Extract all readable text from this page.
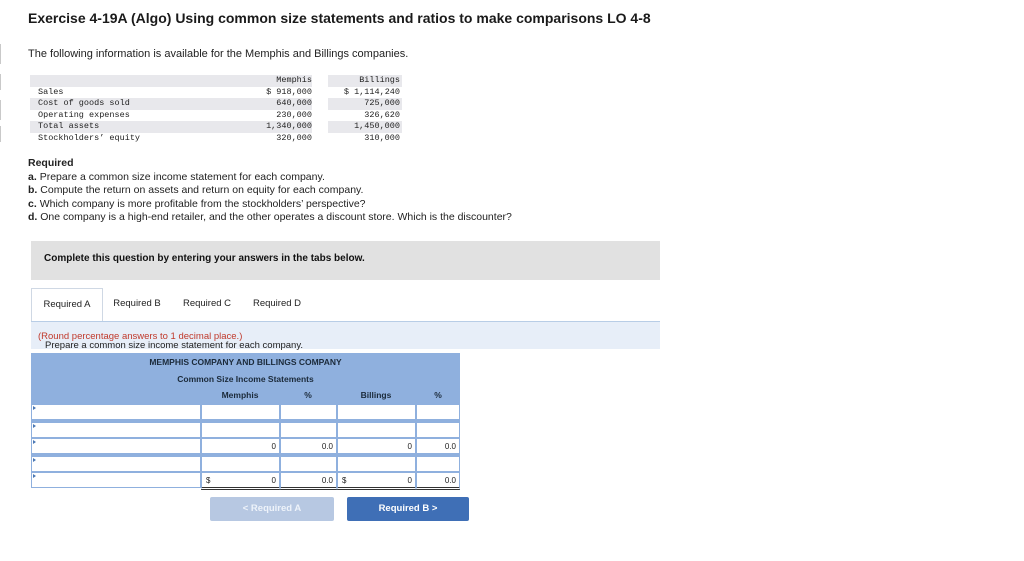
Exercise 4-19A (Algo) Using common size statements and ratios to make comparisons LO 4-8
The following information is available for the Memphis and Billings companies.
	Memphis		Billings
Sales	$ 918,000		$ 1,114,240
Cost of goods sold	640,000		725,000
Operating expenses	230,000		326,620
Total assets	1,340,000		1,450,000
Stockholders’ equity	320,000		310,000
Required
a. Prepare a common size income statement for each company.
b. Compute the return on assets and return on equity for each company.
c. Which company is more profitable from the stockholders’ perspective?
d. One company is a high-end retailer, and the other operates a discount store. Which is the discounter?
Complete this question by entering your answers in the tabs below.
Required A	Required B	Required C	Required D
Prepare a common size income statement for each company.
(Round percentage answers to 1 decimal place.)
MEMPHIS COMPANY AND BILLINGS COMPANY
Common Size Income Statements
Memphis	%	Billings	%
0	0.0	0	0.0
$	0	0.0	$	0	0.0
< Required A	Required B >
